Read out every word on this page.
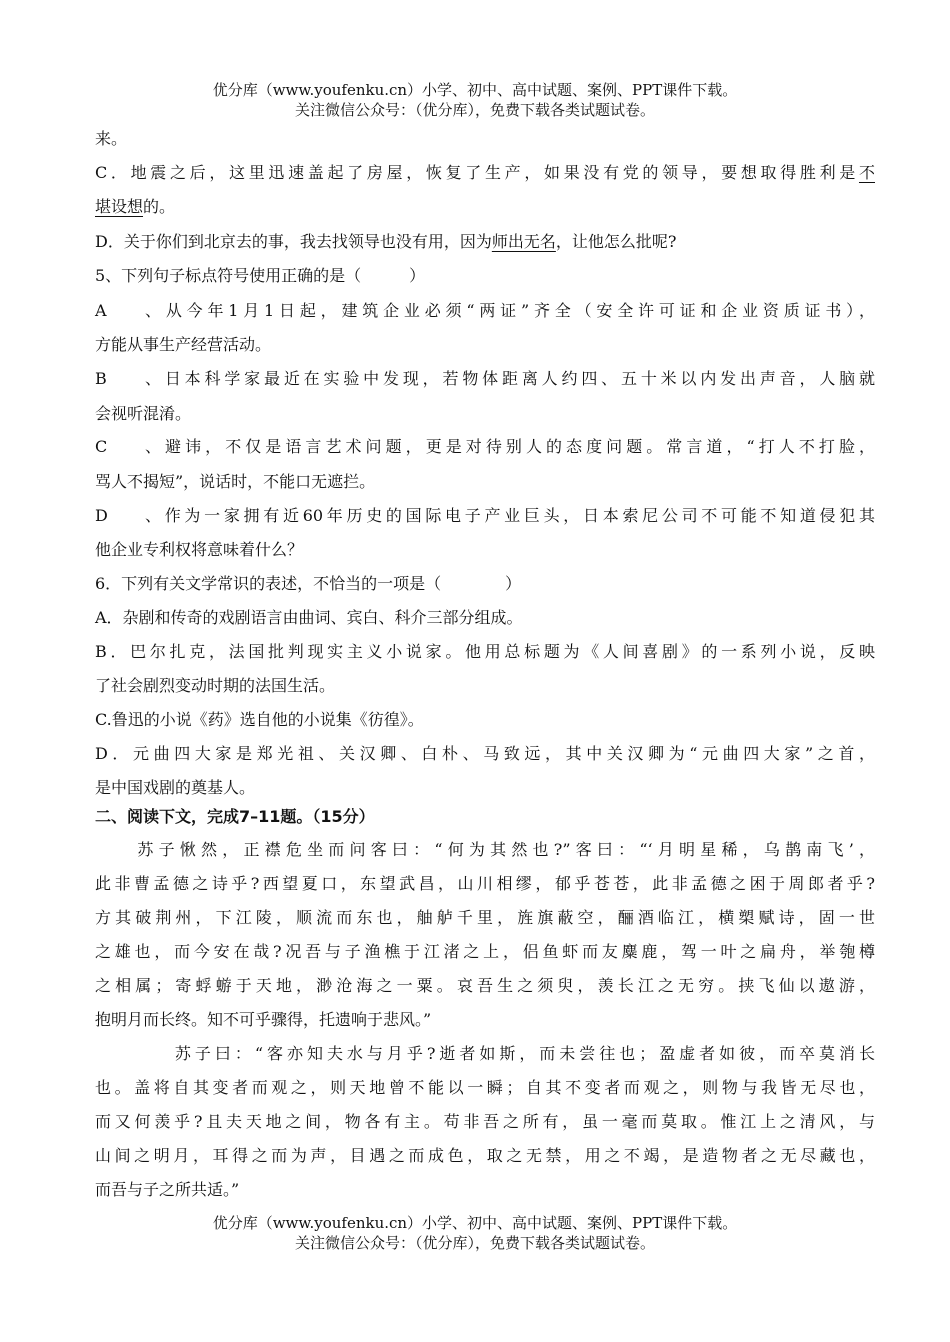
优分库（www.youfenku.cn）小学、初中、高中试题、案例、PPT课件下载。
关注微信公众号：（优分库），免费下载各类试题试卷。
来。
C．地震之后，这里迅速盖起了房屋，恢复了生产，如果没有党的领导，要想取得胜利是不
堪设想的。
D．关于你们到北京去的事，我去找领导也没有用，因为师出无名，让他怎么批呢?
5、下列句子标点符号使用正确的是（　　　）
A、从今年1月1日起，建筑企业必须“两证”齐全（安全许可证和企业资质证书），
方能从事生产经营活动。
B、日本科学家最近在实验中发现，若物体距离人约四、五十米以内发出声音，人脑就
会视听混淆。
C、避讳，不仅是语言艺术问题，更是对待别人的态度问题。常言道，“打人不打脸，
骂人不揭短”，说话时，不能口无遮拦。
D、作为一家拥有近60年历史的国际电子产业巨头，日本索尼公司不可能不知道侵犯其
他企业专利权将意味着什么？
6．下列有关文学常识的表述，不恰当的一项是（　　　　）
A．杂剧和传奇的戏剧语言由曲词、宾白、科介三部分组成。
B．巴尔扎克，法国批判现实主义小说家。他用总标题为《人间喜剧》的一系列小说，反映
了社会剧烈变动时期的法国生活。
C.鲁迅的小说《药》选自他的小说集《彷徨》。
D．元曲四大家是郑光祖、关汉卿、白朴、马致远，其中关汉卿为“元曲四大家”之首，
是中国戏剧的奠基人。
二、阅读下文，完成7–11题。（15分）
　　苏子愀然，正襟危坐而问客曰：“何为其然也?”客曰：“‘月明星稀，乌鹊南飞’，
此非曹孟德之诗乎?西望夏口，东望武昌，山川相缪，郁乎苍苍，此非孟德之困于周郎者乎?
方其破荆州，下江陵，顺流而东也，舳舻千里，旌旗蔽空，酾酒临江，横槊赋诗，固一世
之雄也，而今安在哉?况吾与子渔樵于江渚之上，侣鱼虾而友麋鹿，驾一叶之扁舟，举匏樽
之相属；寄蜉蝣于天地，渺沧海之一粟。哀吾生之须臾，羡长江之无穷。挟飞仙以遨游，
抱明月而长终。知不可乎骤得，托遗响于悲风。”
　　　　苏子曰：“客亦知夫水与月乎?逝者如斯，而未尝往也；盈虚者如彼，而卒莫消长
也。盖将自其变者而观之，则天地曾不能以一瞬；自其不变者而观之，则物与我皆无尽也，
而又何羡乎?且夫天地之间，物各有主。苟非吾之所有，虽一毫而莫取。惟江上之清风，与
山间之明月，耳得之而为声，目遇之而成色，取之无禁，用之不竭，是造物者之无尽藏也，
而吾与子之所共适。”
优分库（www.youfenku.cn）小学、初中、高中试题、案例、PPT课件下载。
关注微信公众号：（优分库），免费下载各类试题试卷。
